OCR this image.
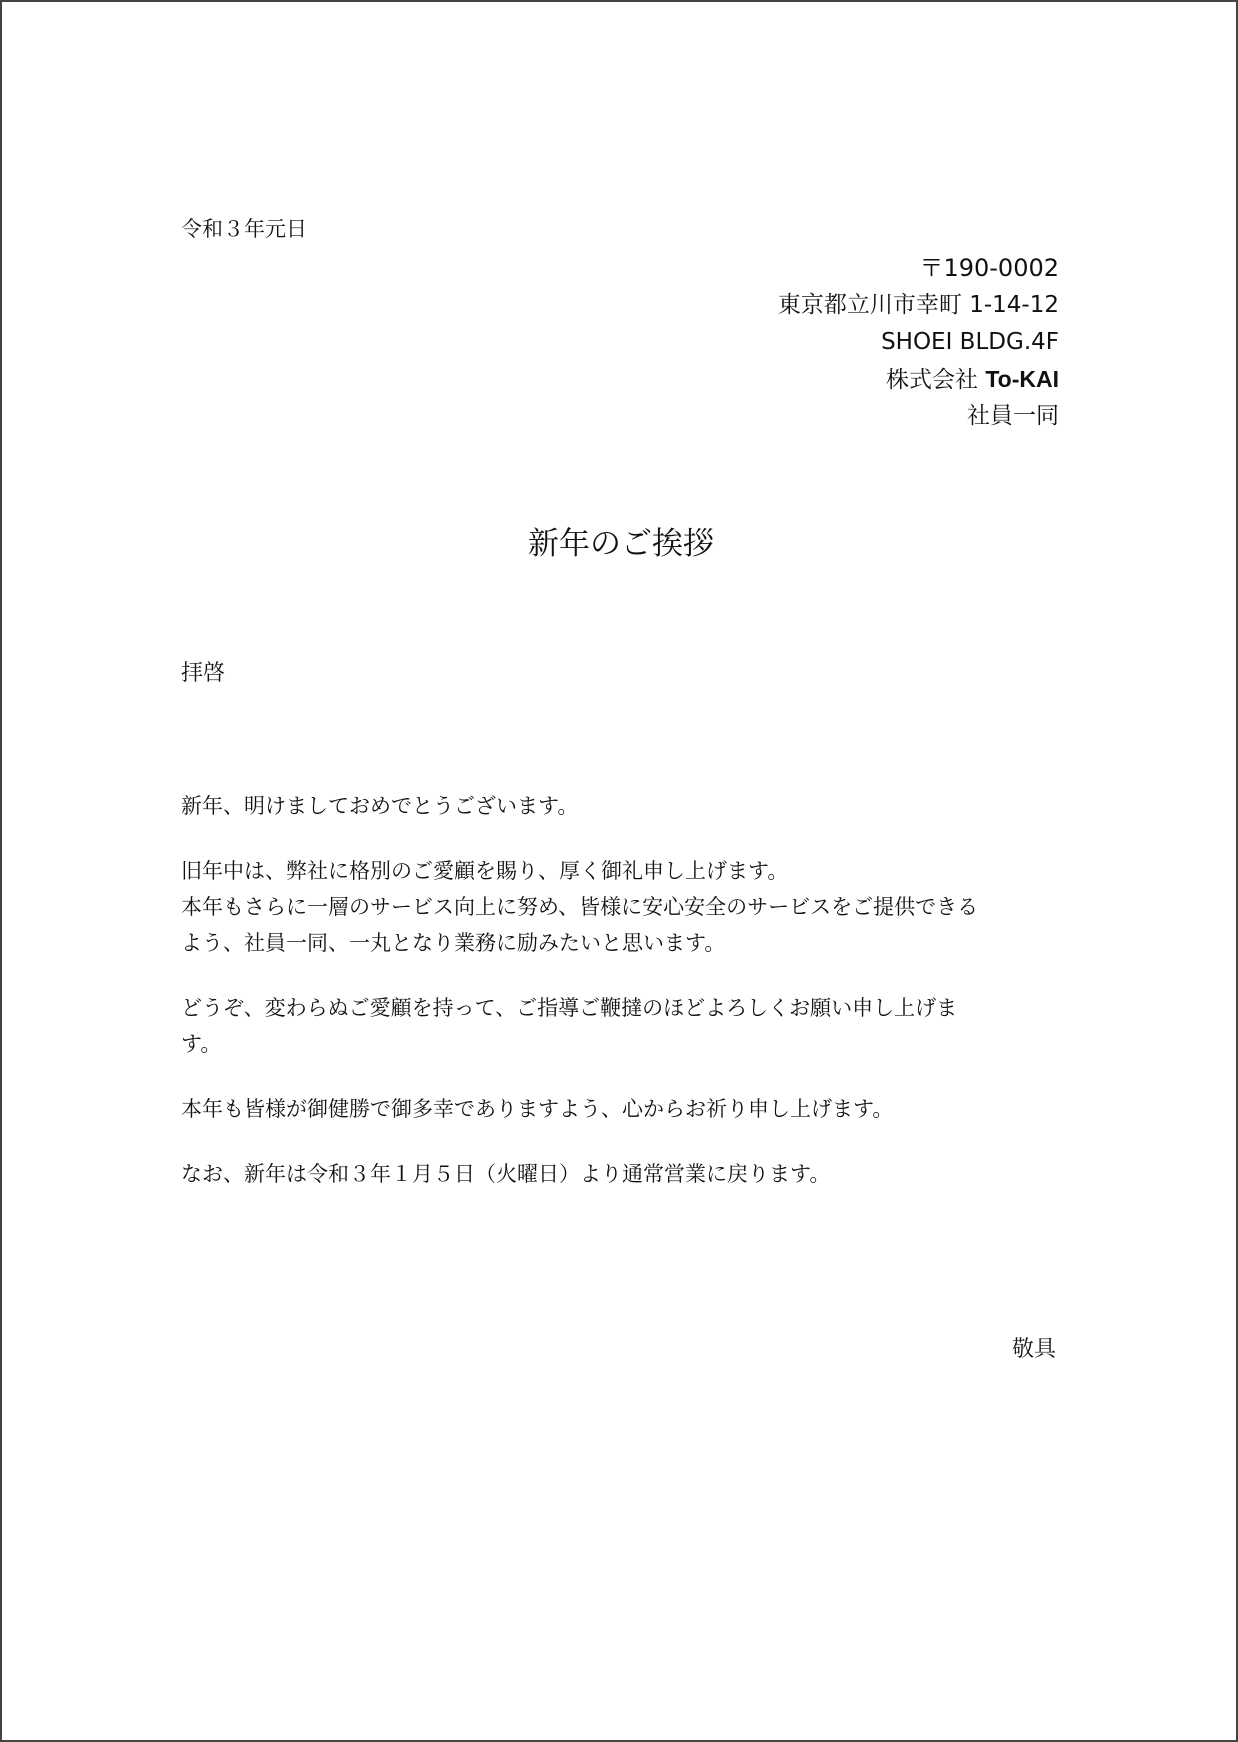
令和３年元日

〒190-0002
東京都立川市幸町 1-14-12
SHOEI BLDG.4F
株式会社 To-KAI
社員一同
新年のご挨拶

拝啓

新年、明けましておめでとうございます。

旧年中は、弊社に格別のご愛顧を賜り、厚く御礼申し上げます。
本年もさらに一層のサービス向上に努め、皆様に安心安全のサービスをご提供できる
よう、社員一同、一丸となり業務に励みたいと思います。

どうぞ、変わらぬご愛顧を持って、ご指導ご鞭撻のほどよろしくお願い申し上げま
す。

本年も皆様が御健勝で御多幸でありますよう、心からお祈り申し上げます。

なお、新年は令和３年１月５日（火曜日）より通常営業に戻ります。

敬具
